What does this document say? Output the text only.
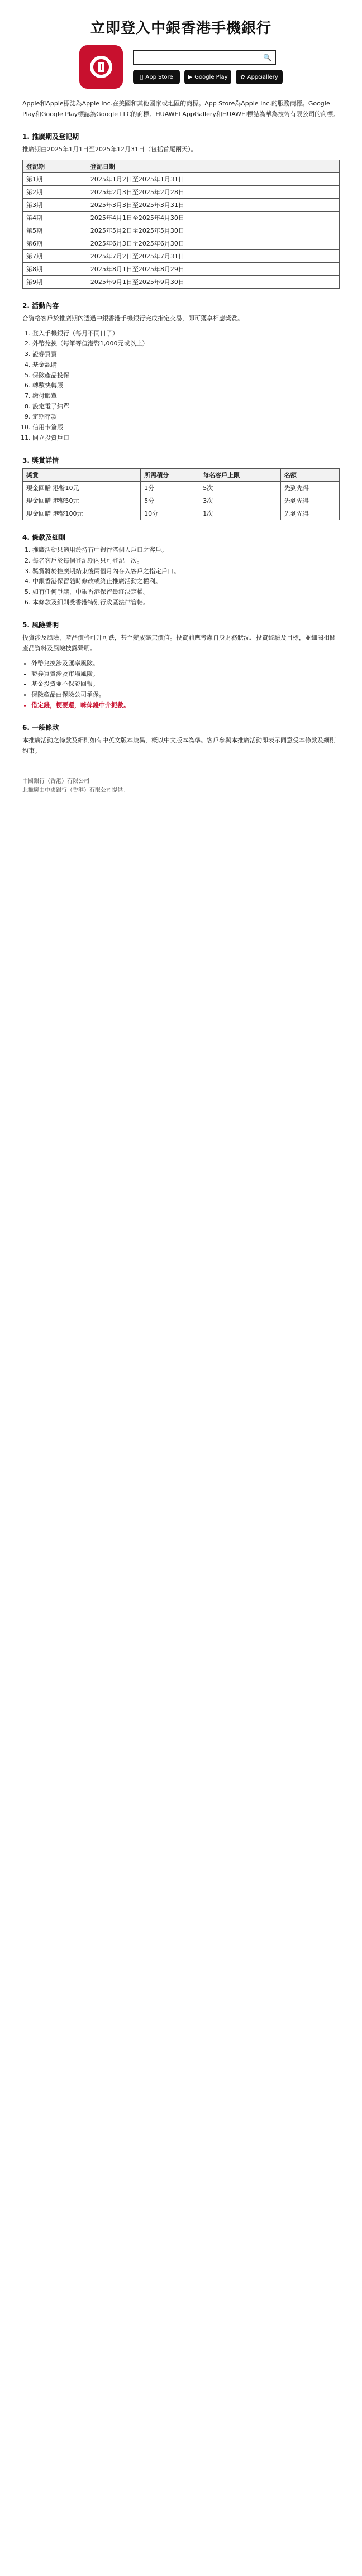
立即登入中銀香港手機銀行
🔍
App Store	▶ Google Play ✿ AppGallery
Apple和Apple標誌為Apple Inc.在美國和其他國家或地區的商標。App Store為Apple Inc.的服務商標。Google Play和Google Play標誌為Google LLC的商標。HUAWEI AppGallery和HUAWEI標誌為華為技術有限公司的商標。
1. 推廣期及登記期
推廣期由2025年1月1日至2025年12月31日（包括首尾兩天）。
登記期	登記日期
第1期	2025年1月2日至2025年1月31日
第2期	2025年2月3日至2025年2月28日
第3期	2025年3月3日至2025年3月31日
第4期	2025年4月1日至2025年4月30日
第5期	2025年5月2日至2025年5月30日
第6期	2025年6月3日至2025年6月30日
第7期	2025年7月2日至2025年7月31日
第8期	2025年8月1日至2025年8月29日
第9期	2025年9月1日至2025年9月30日
2. 活動內容
合資格客戶於推廣期內透過中銀香港手機銀行完成指定交易，即可獲享相應獎賞。
1. 登入手機銀行（每月不同日子）
2. 外幣兌換（每筆等值港幣1,000元或以上）
3. 證券買賣
4. 基金認購
5. 保險產品投保
6. 轉數快轉賬
7. 繳付賬單
8. 設定電子結單
9. 定期存款
10. 信用卡簽賬
11. 開立投資戶口
3. 獎賞詳情
獎賞	所需積分	每名客戶上限	名額
現金回贈 港幣10元	1分	5次	先到先得
現金回贈 港幣50元	5分	3次	先到先得
現金回贈 港幣100元	10分	1次	先到先得
4. 條款及細則
1. 推廣活動只適用於持有中銀香港個人戶口之客戶。
2. 每名客戶於每個登記期內只可登記一次。
3. 獎賞將於推廣期結束後兩個月內存入客戶之指定戶口。
4. 中銀香港保留隨時修改或終止推廣活動之權利。
5. 如有任何爭議，中銀香港保留最終決定權。
6. 本條款及細則受香港特別行政區法律管轄。
5. 風險聲明
投資涉及風險，產品價格可升可跌，甚至變成毫無價值。投資前應考慮自身財務狀況、投資經驗及目標，並細閱相關產品資料及風險披露聲明。
• 外幣兌換涉及匯率風險。
• 證券買賣涉及市場風險。
• 基金投資並不保證回報。
• 保險產品由保險公司承保。
• 借定錢，梗要還，咪俾錢中介扼數。
6. 一般條款
本推廣活動之條款及細則如有中英文版本歧異，概以中文版本為準。客戶參與本推廣活動即表示同意受本條款及細則約束。
中國銀行（香港）有限公司
此推廣由中國銀行（香港）有限公司提供。
